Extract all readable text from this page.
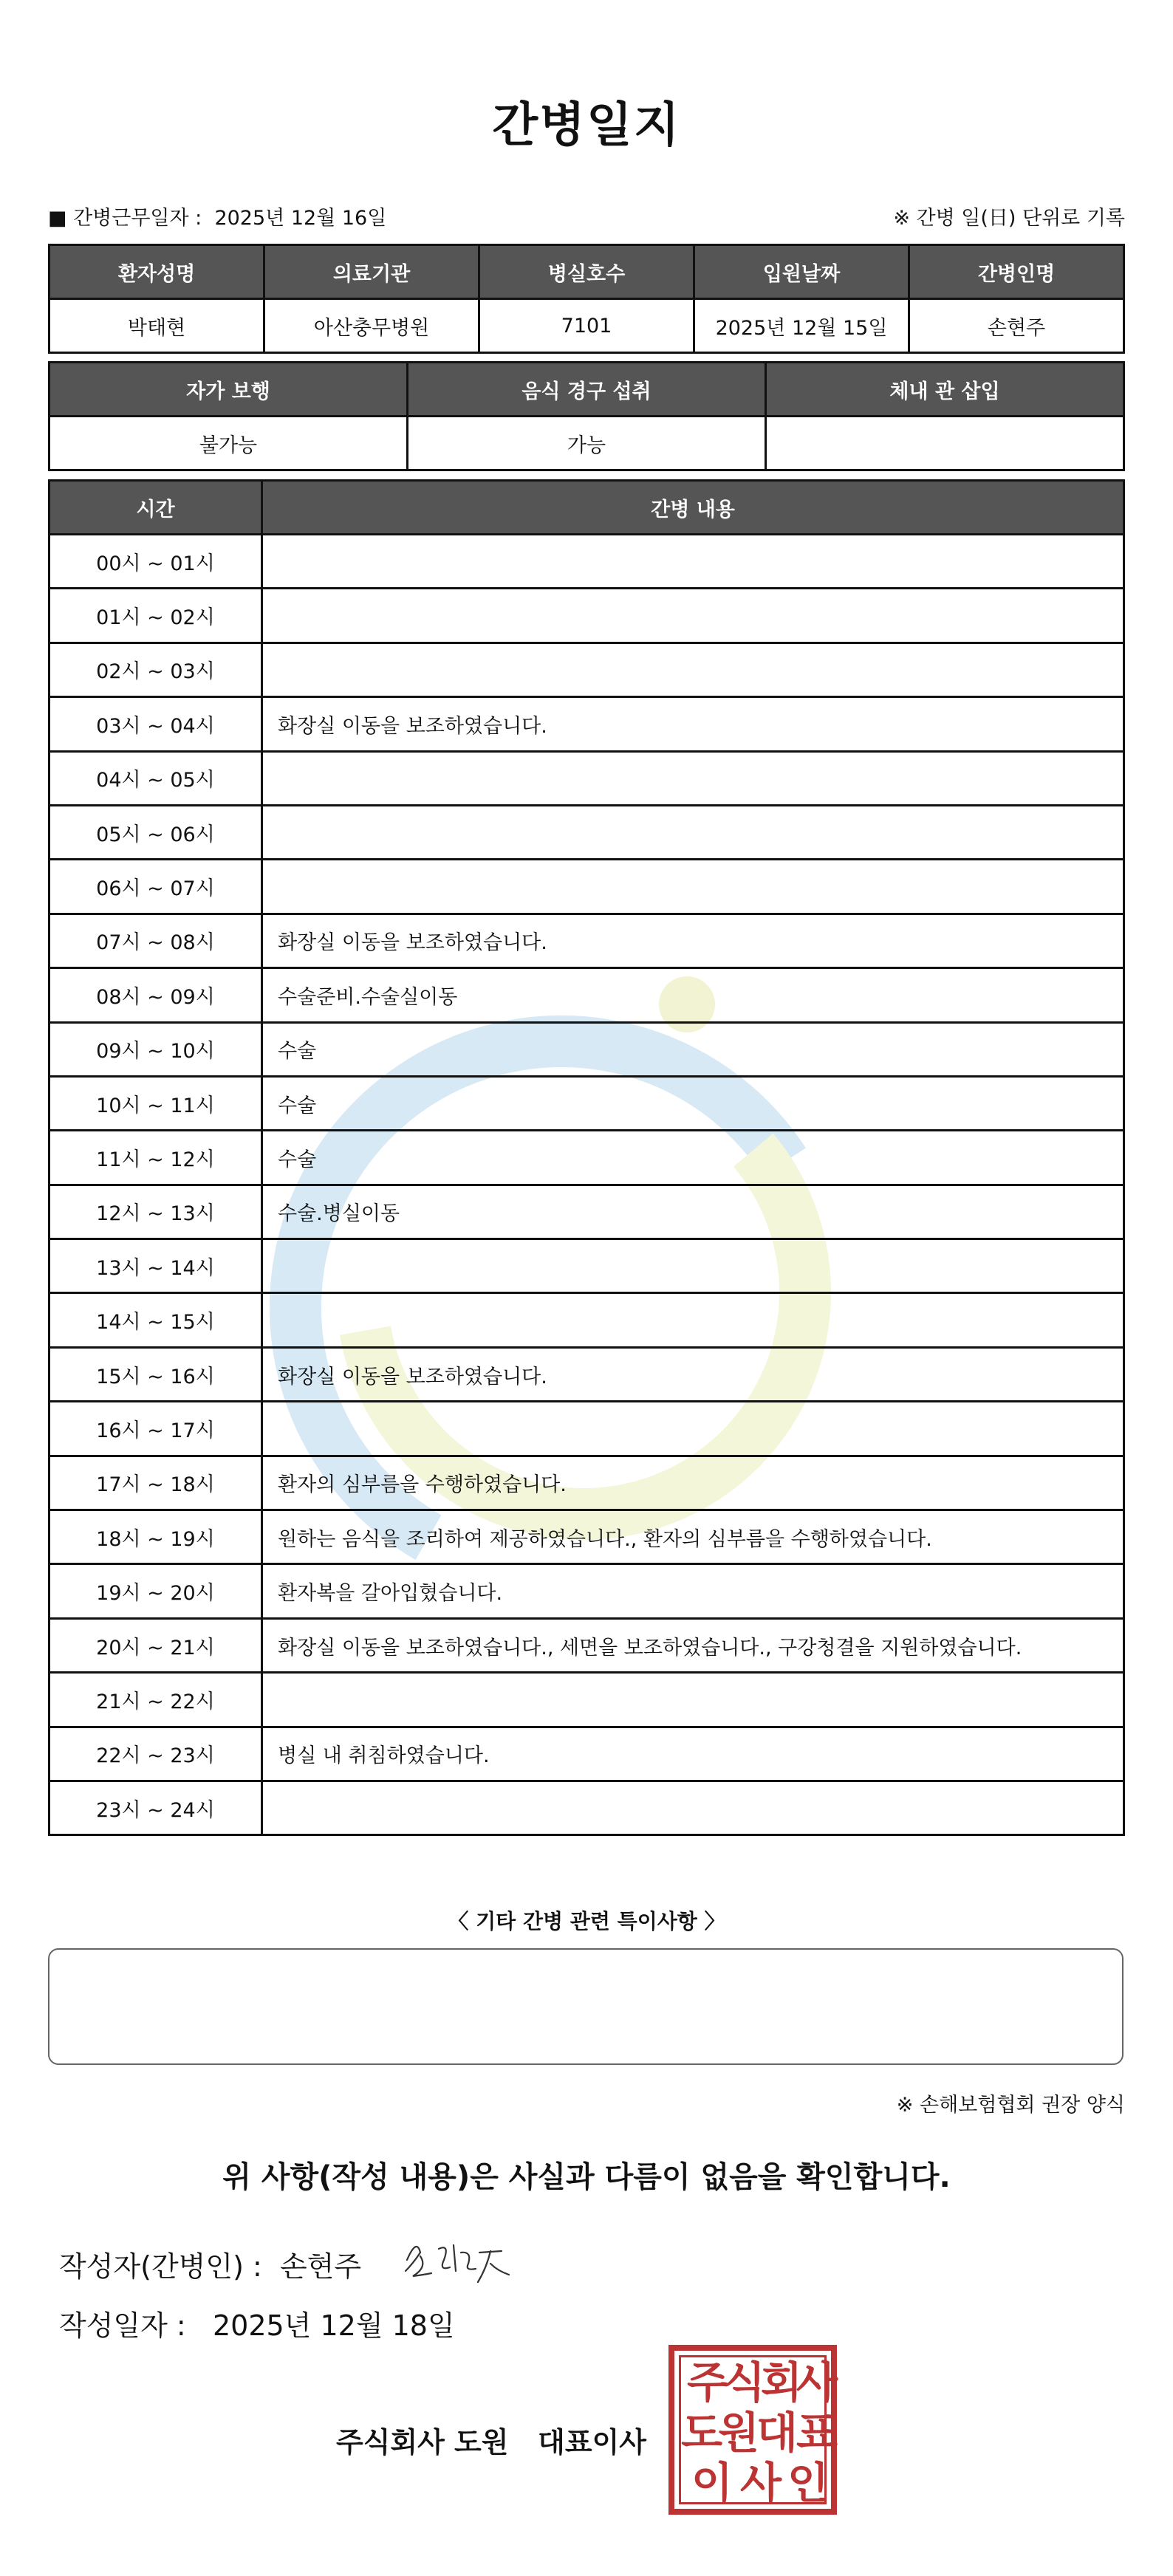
간병일지
■ 간병근무일자 : 2025년 12월 16일	※ 간병 일(日) 단위로 기록
환자성명	의료기관	병실호수	입원날짜	간병인명
박태현	아산충무병원	7101	2025년 12월 15일	손현주
자가 보행	음식 경구 섭취	체내 관 삽입
불가능	가능	
시간	간병 내용
00시 ~ 01시	
01시 ~ 02시	
02시 ~ 03시	
03시 ~ 04시	화장실 이동을 보조하였습니다.
04시 ~ 05시	
05시 ~ 06시	
06시 ~ 07시	
07시 ~ 08시	화장실 이동을 보조하였습니다.
08시 ~ 09시	수술준비.수술실이동
09시 ~ 10시	수술
10시 ~ 11시	수술
11시 ~ 12시	수술
12시 ~ 13시	수술.병실이동
13시 ~ 14시	
14시 ~ 15시	
15시 ~ 16시	화장실 이동을 보조하였습니다.
16시 ~ 17시	
17시 ~ 18시	환자의 심부름을 수행하였습니다.
18시 ~ 19시	원하는 음식을 조리하여 제공하였습니다., 환자의 심부름을 수행하였습니다.
19시 ~ 20시	환자복을 갈아입혔습니다.
20시 ~ 21시	화장실 이동을 보조하였습니다., 세면을 보조하였습니다., 구강청결을 지원하였습니다.
21시 ~ 22시	
22시 ~ 23시	병실 내 취침하였습니다.
23시 ~ 24시	
〈 기타 간병 관련 특이사항 〉
※ 손해보험협회 권장 양식
위 사항(작성 내용)은 사실과 다름이 없음을 확인합니다.
작성자(간병인) :
손현주
작성일자 : 2025년 12월 18일
주식회사 도원   대표이사
주
식
회
사
도
원
대
표
이 사 인
